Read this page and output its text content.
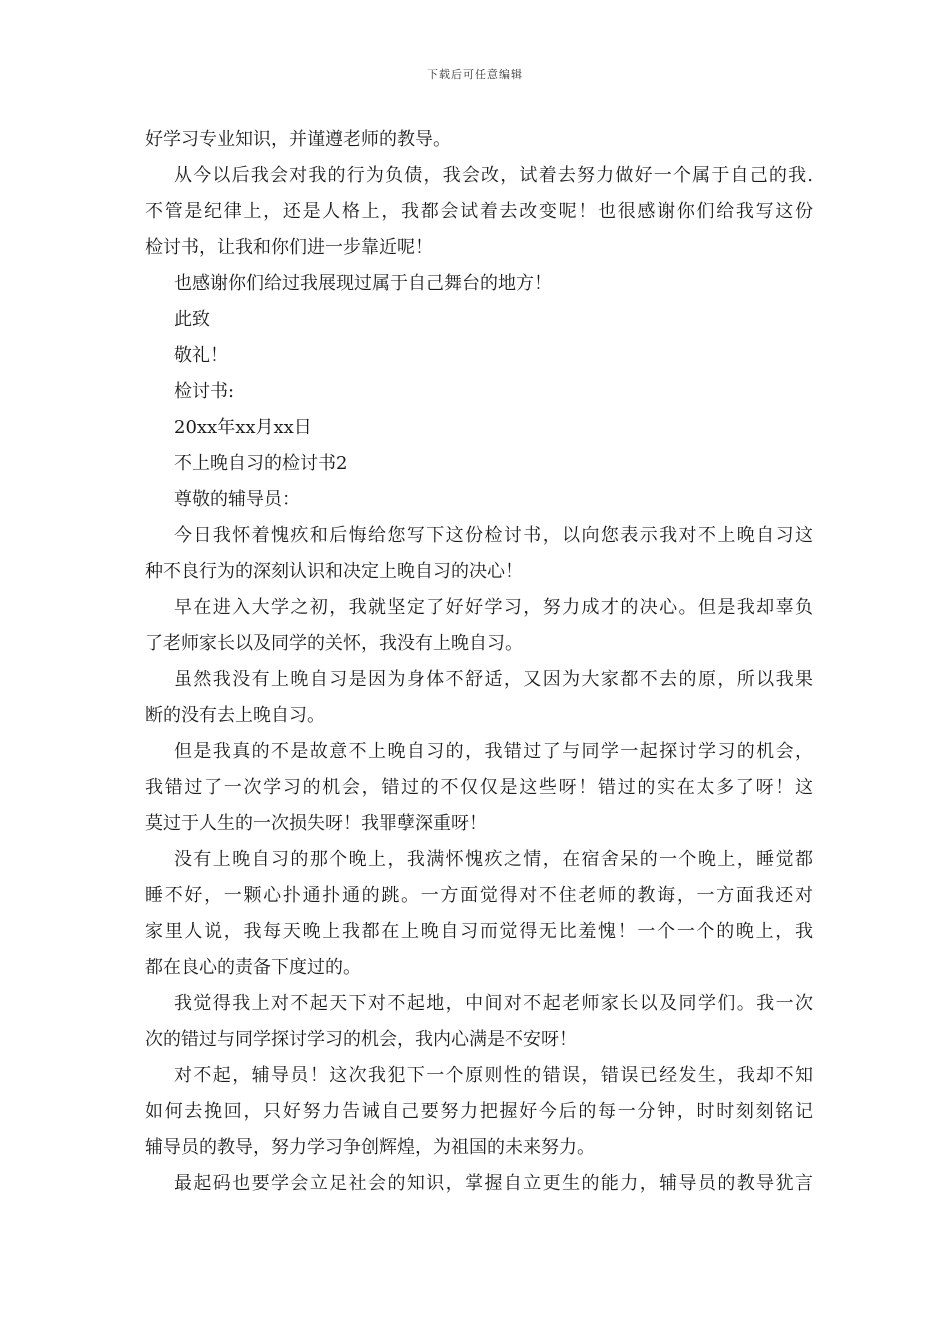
下载后可任意编辑
好学习专业知识，并谨遵老师的教导。
从今以后我会对我的行为负债，我会改，试着去努力做好一个属于自己的我.
不管是纪律上，还是人格上，我都会试着去改变呢！也很感谢你们给我写这份
检讨书，让我和你们进一步靠近呢！
也感谢你们给过我展现过属于自己舞台的地方！
此致
敬礼！
检讨书:
20xx年xx月xx日
不上晚自习的检讨书2
尊敬的辅导员：
今日我怀着愧疚和后悔给您写下这份检讨书，以向您表示我对不上晚自习这
种不良行为的深刻认识和决定上晚自习的决心！
早在进入大学之初，我就坚定了好好学习，努力成才的决心。但是我却辜负
了老师家长以及同学的关怀，我没有上晚自习。
虽然我没有上晚自习是因为身体不舒适，又因为大家都不去的原，所以我果
断的没有去上晚自习。
但是我真的不是故意不上晚自习的，我错过了与同学一起探讨学习的机会，
我错过了一次学习的机会，错过的不仅仅是这些呀！错过的实在太多了呀！这
莫过于人生的一次损失呀！我罪孽深重呀！
没有上晚自习的那个晚上，我满怀愧疚之情，在宿舍呆的一个晚上，睡觉都
睡不好，一颗心扑通扑通的跳。一方面觉得对不住老师的教诲，一方面我还对
家里人说，我每天晚上我都在上晚自习而觉得无比羞愧！一个一个的晚上，我
都在良心的责备下度过的。
我觉得我上对不起天下对不起地，中间对不起老师家长以及同学们。我一次
次的错过与同学探讨学习的机会，我内心满是不安呀！
对不起，辅导员！这次我犯下一个原则性的错误，错误已经发生，我却不知
如何去挽回，只好努力告诫自己要努力把握好今后的每一分钟，时时刻刻铭记
辅导员的教导，努力学习争创辉煌，为祖国的未来努力。
最起码也要学会立足社会的知识，掌握自立更生的能力，辅导员的教导犹言
